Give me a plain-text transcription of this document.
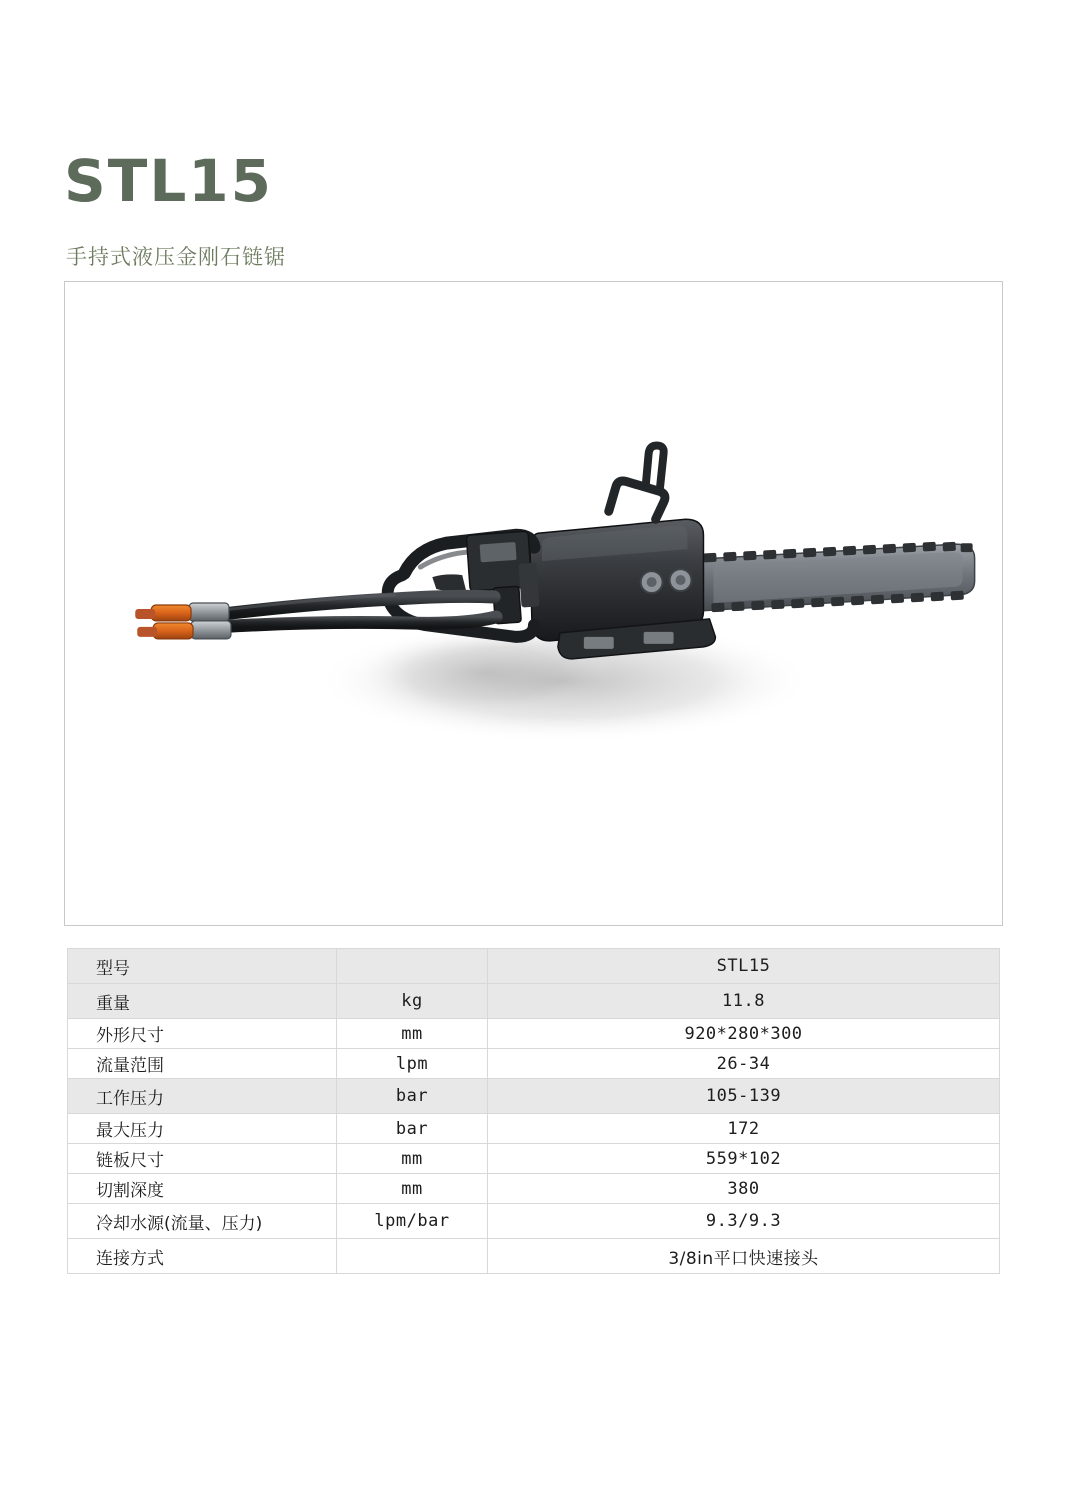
STL15
手持式液压金刚石链锯
型号		STL15
重量	kg	11.8
外形尺寸	mm	920*280*300
流量范围	lpm	26-34
工作压力	bar	105-139
最大压力	bar	172
链板尺寸	mm	559*102
切割深度	mm	380
冷却水源(流量、压力)	lpm/bar	9.3/9.3
连接方式		3/8in平口快速接头
